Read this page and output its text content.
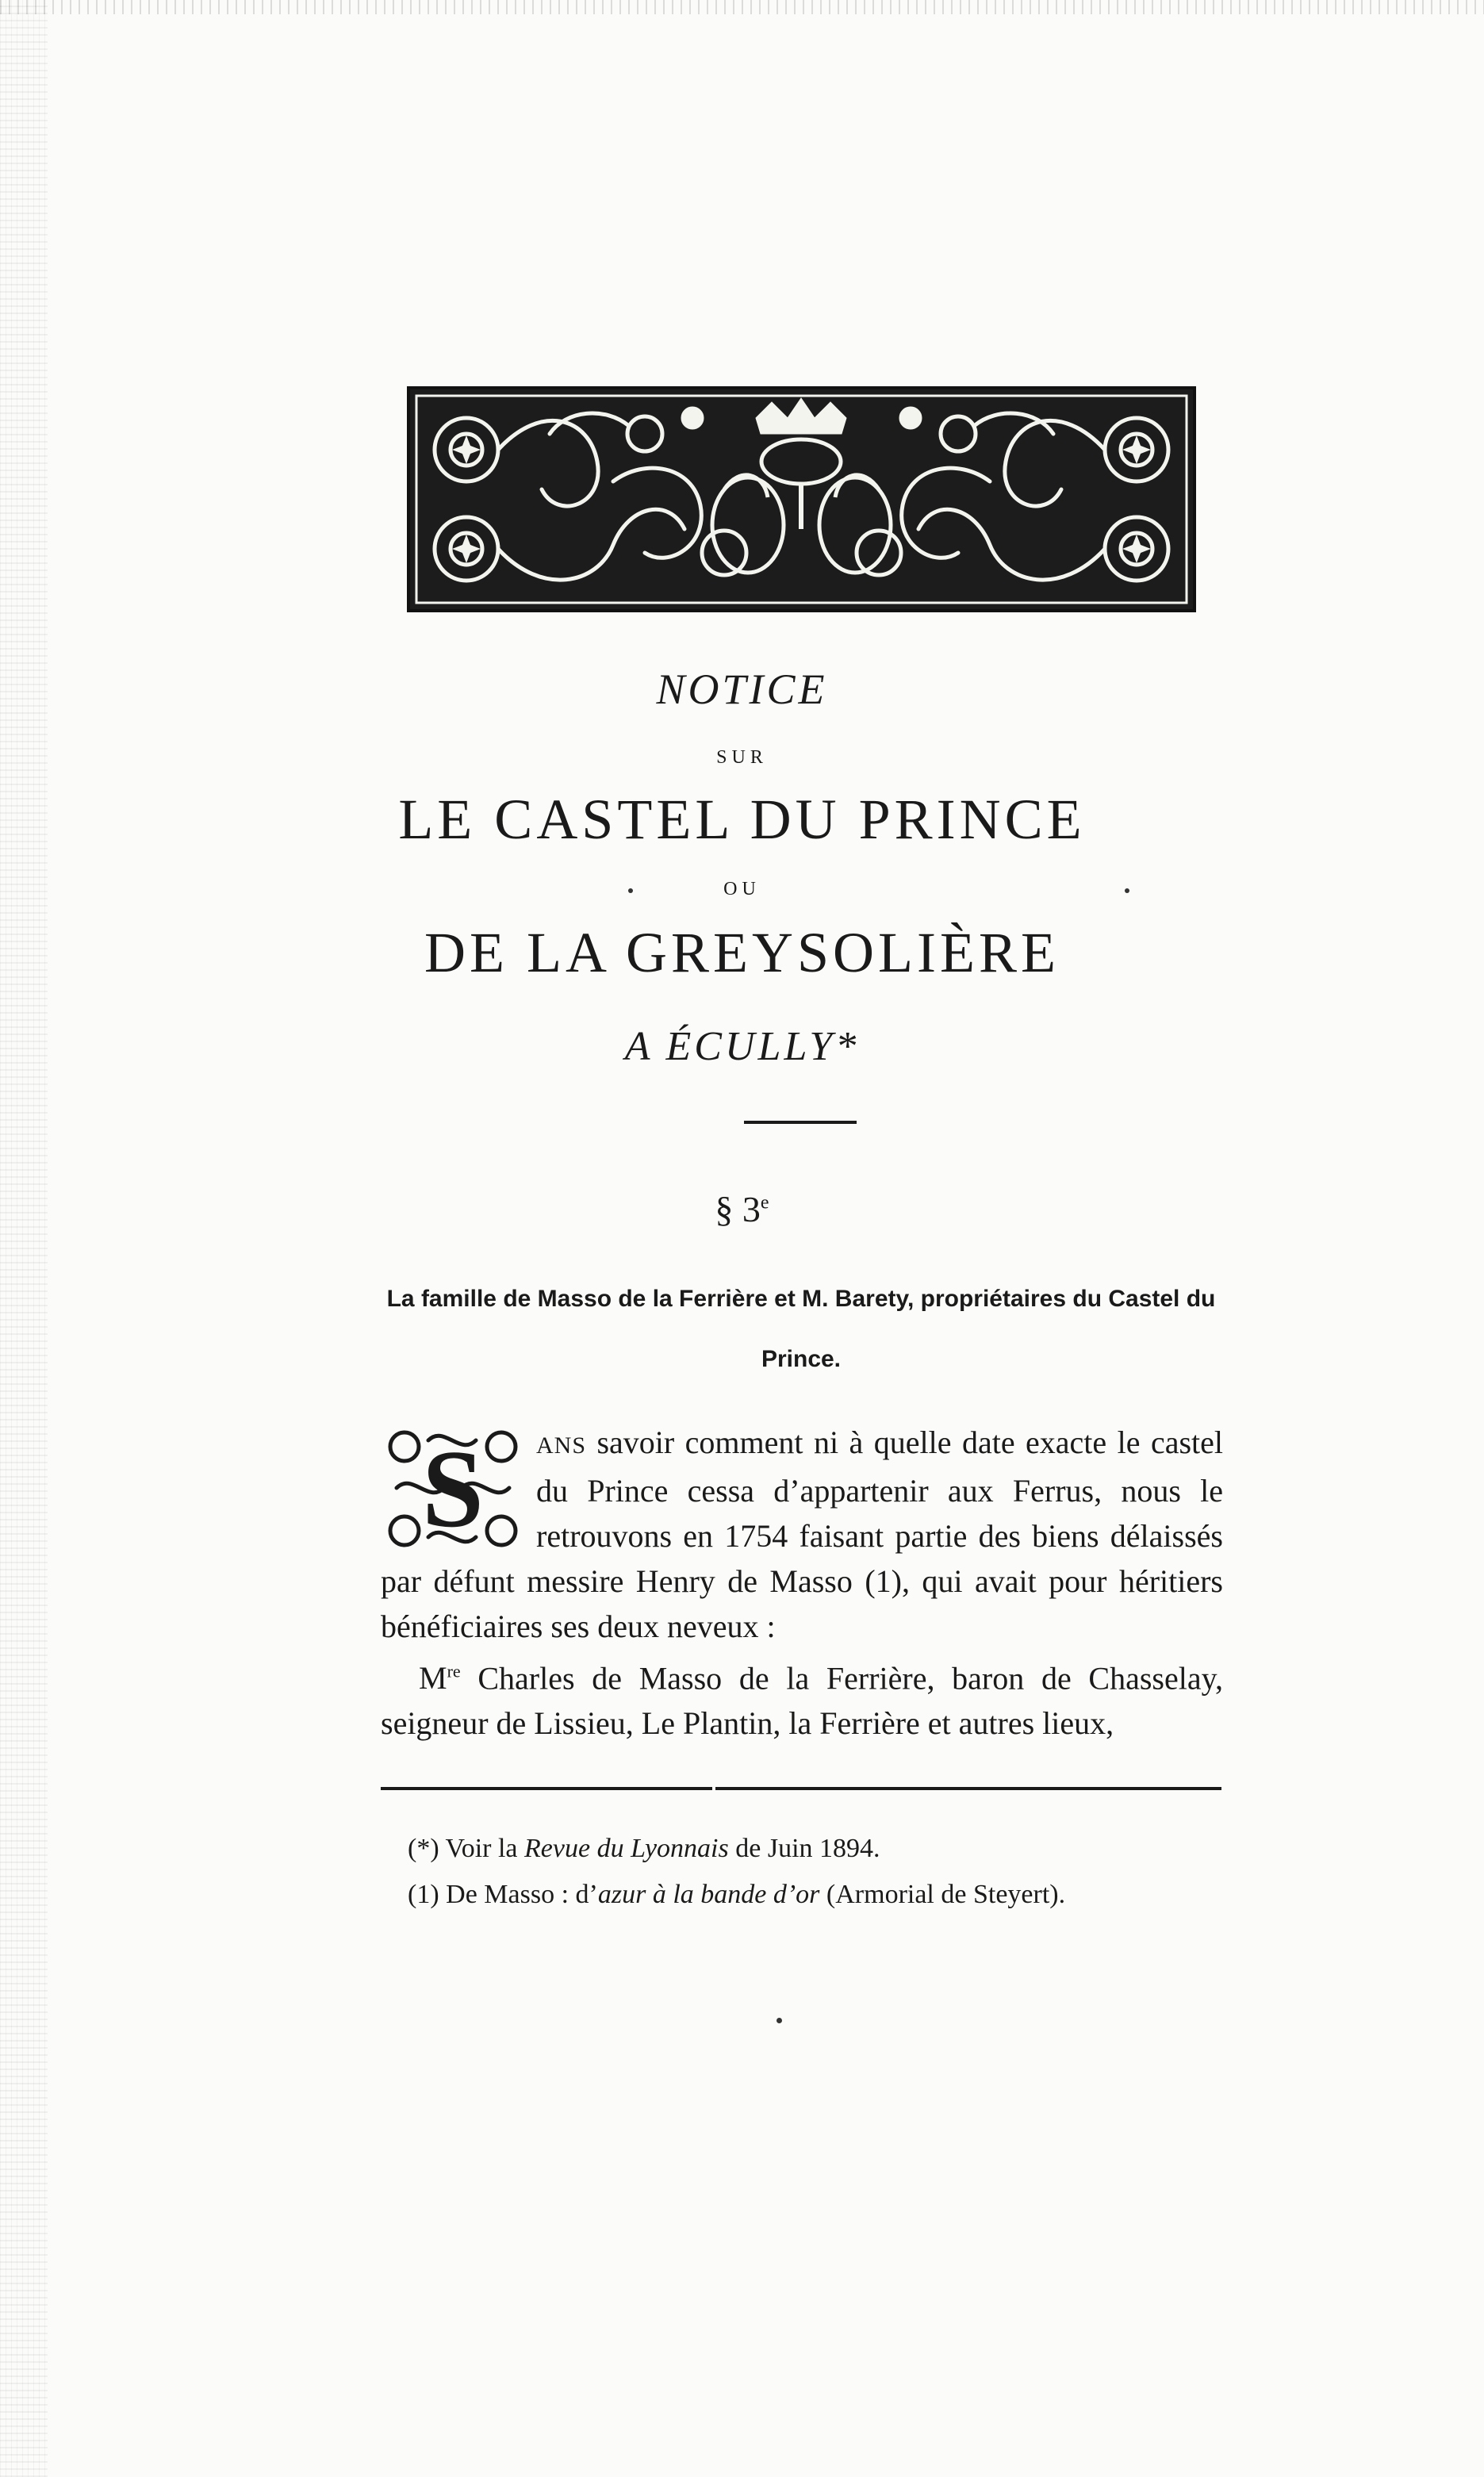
NOTICE

SUR

LE CASTEL DU PRINCE

OU

DE LA GREYSOLIÈRE

A ÉCULLY*

§ 3e

La famille de Masso de la Ferrière et M. Barety, propriétaires du Castel du Prince.

S	ANS savoir comment ni à quelle date exacte le castel du Prince cessa d’appartenir aux Ferrus, nous le retrouvons en 1754 faisant partie des biens délaissés par défunt messire Henry de Masso (1), qui avait pour héritiers bénéficiaires ses deux neveux :

Mre Charles de Masso de la Ferrière, baron de Chasselay, seigneur de Lissieu, Le Plantin, la Ferrière et autres lieux,

(*) Voir la Revue du Lyonnais de Juin 1894.

(1) De Masso : d’azur à la bande d’or (Armorial de Steyert).
